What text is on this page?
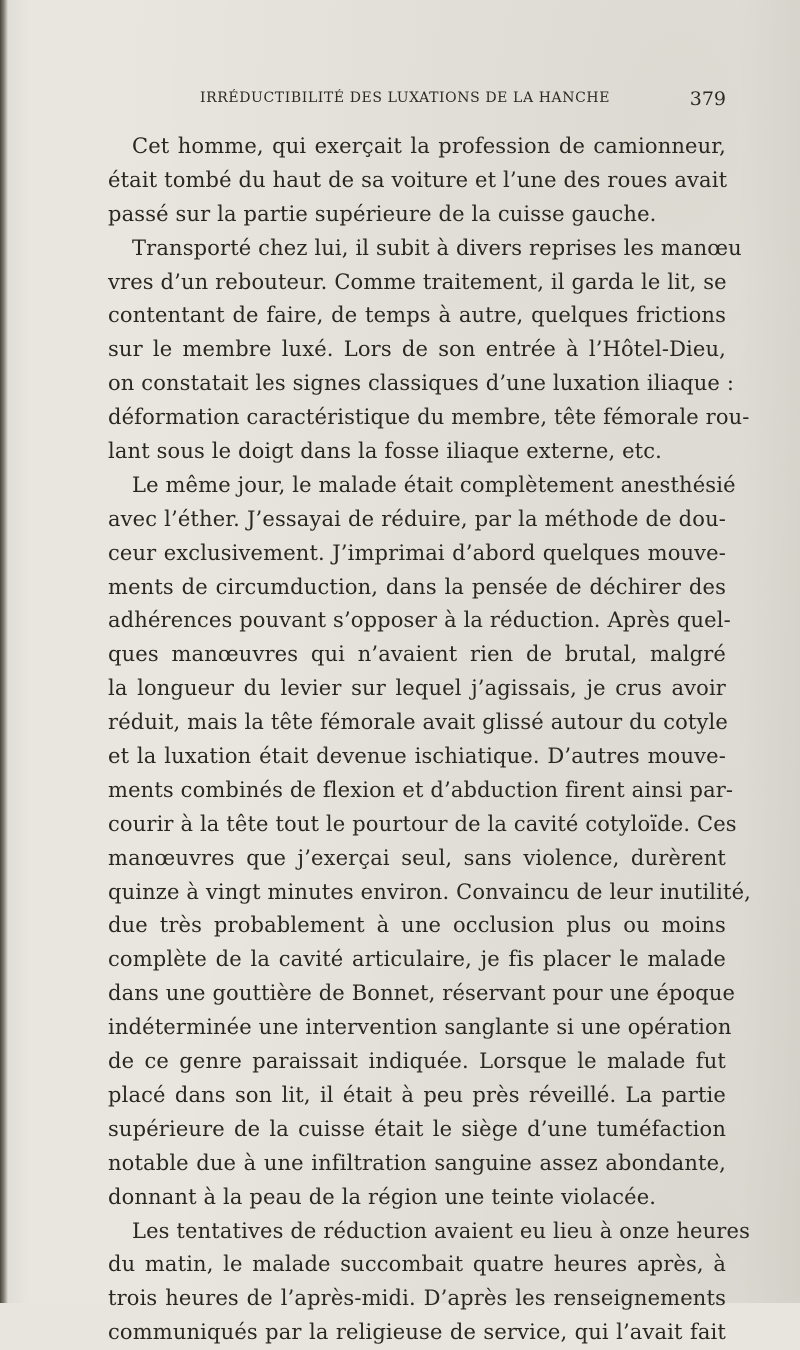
IRRÉDUCTIBILITÉ DES LUXATIONS DE LA HANCHE	379
Cet homme, qui exerçait la profession de camionneur,
était tombé du haut de sa voiture et l’une des roues avait
passé sur la partie supérieure de la cuisse gauche.
Transporté chez lui, il subit à divers reprises les manœu
vres d’un rebouteur. Comme traitement, il garda le lit, se
contentant de faire, de temps à autre, quelques frictions
sur le membre luxé. Lors de son entrée à l’Hôtel-Dieu,
on constatait les signes classiques d’une luxation iliaque :
déformation caractéristique du membre, tête fémorale rou-
lant sous le doigt dans la fosse iliaque externe, etc.
Le même jour, le malade était complètement anesthésié
avec l’éther. J’essayai de réduire, par la méthode de dou-
ceur exclusivement. J’imprimai d’abord quelques mouve-
ments de circumduction, dans la pensée de déchirer des
adhérences pouvant s’opposer à la réduction. Après quel-
ques manœuvres qui n’avaient rien de brutal, malgré
la longueur du levier sur lequel j’agissais, je crus avoir
réduit, mais la tête fémorale avait glissé autour du cotyle
et la luxation était devenue ischiatique. D’autres mouve-
ments combinés de flexion et d’abduction firent ainsi par-
courir à la tête tout le pourtour de la cavité cotyloïde. Ces
manœuvres que j’exerçai seul, sans violence, durèrent
quinze à vingt minutes environ. Convaincu de leur inutilité,
due très probablement à une occlusion plus ou moins
complète de la cavité articulaire, je fis placer le malade
dans une gouttière de Bonnet, réservant pour une époque
indéterminée une intervention sanglante si une opération
de ce genre paraissait indiquée. Lorsque le malade fut
placé dans son lit, il était à peu près réveillé. La partie
supérieure de la cuisse était le siège d’une tuméfaction
notable due à une infiltration sanguine assez abondante,
donnant à la peau de la région une teinte violacée.
Les tentatives de réduction avaient eu lieu à onze heures
du matin, le malade succombait quatre heures après, à
trois heures de l’après-midi. D’après les renseignements
communiqués par la religieuse de service, qui l’avait fait
